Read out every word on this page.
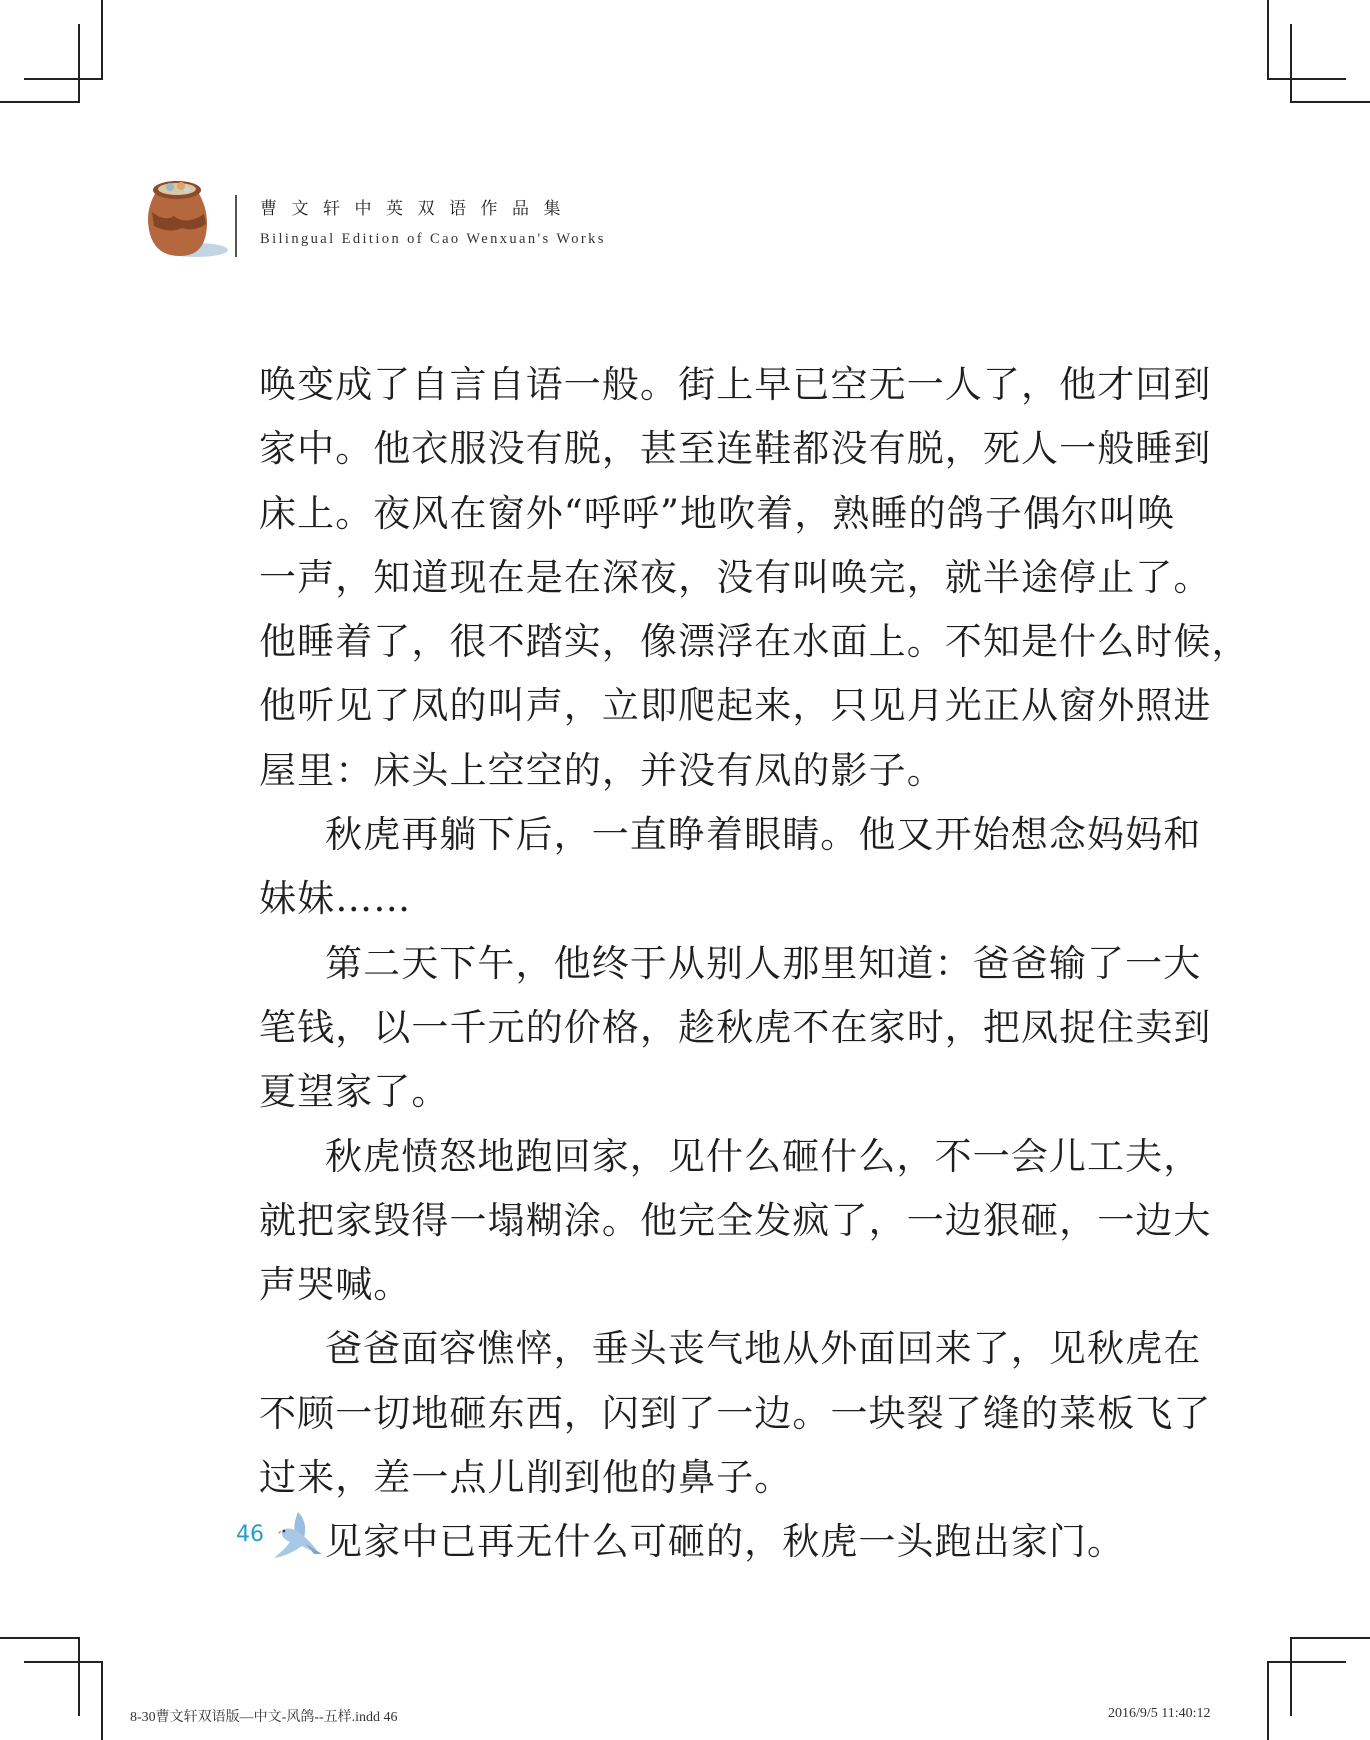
曹文轩中英双语作品集
Bilingual Edition of Cao Wenxuan's Works
唤变成了自言自语一般。街上早已空无一人了，他才回到
家中。他衣服没有脱，甚至连鞋都没有脱，死人一般睡到
床上。夜风在窗外“呼呼”地吹着，熟睡的鸽子偶尔叫唤
一声，知道现在是在深夜，没有叫唤完，就半途停止了。
他睡着了，很不踏实，像漂浮在水面上。不知是什么时候，
他听见了凤的叫声，立即爬起来，只见月光正从窗外照进
屋里：床头上空空的，并没有凤的影子。
秋虎再躺下后，一直睁着眼睛。他又开始想念妈妈和
妹妹……
第二天下午，他终于从别人那里知道：爸爸输了一大
笔钱，以一千元的价格，趁秋虎不在家时，把凤捉住卖到
夏望家了。
秋虎愤怒地跑回家，见什么砸什么，不一会儿工夫，
就把家毁得一塌糊涂。他完全发疯了，一边狠砸，一边大
声哭喊。
爸爸面容憔悴，垂头丧气地从外面回来了，见秋虎在
不顾一切地砸东西，闪到了一边。一块裂了缝的菜板飞了
过来，差一点儿削到他的鼻子。
见家中已再无什么可砸的，秋虎一头跑出家门。
46
8-30曹文轩双语版—中文-风鸽--五样.indd 46	2016/9/5 11:40:12
